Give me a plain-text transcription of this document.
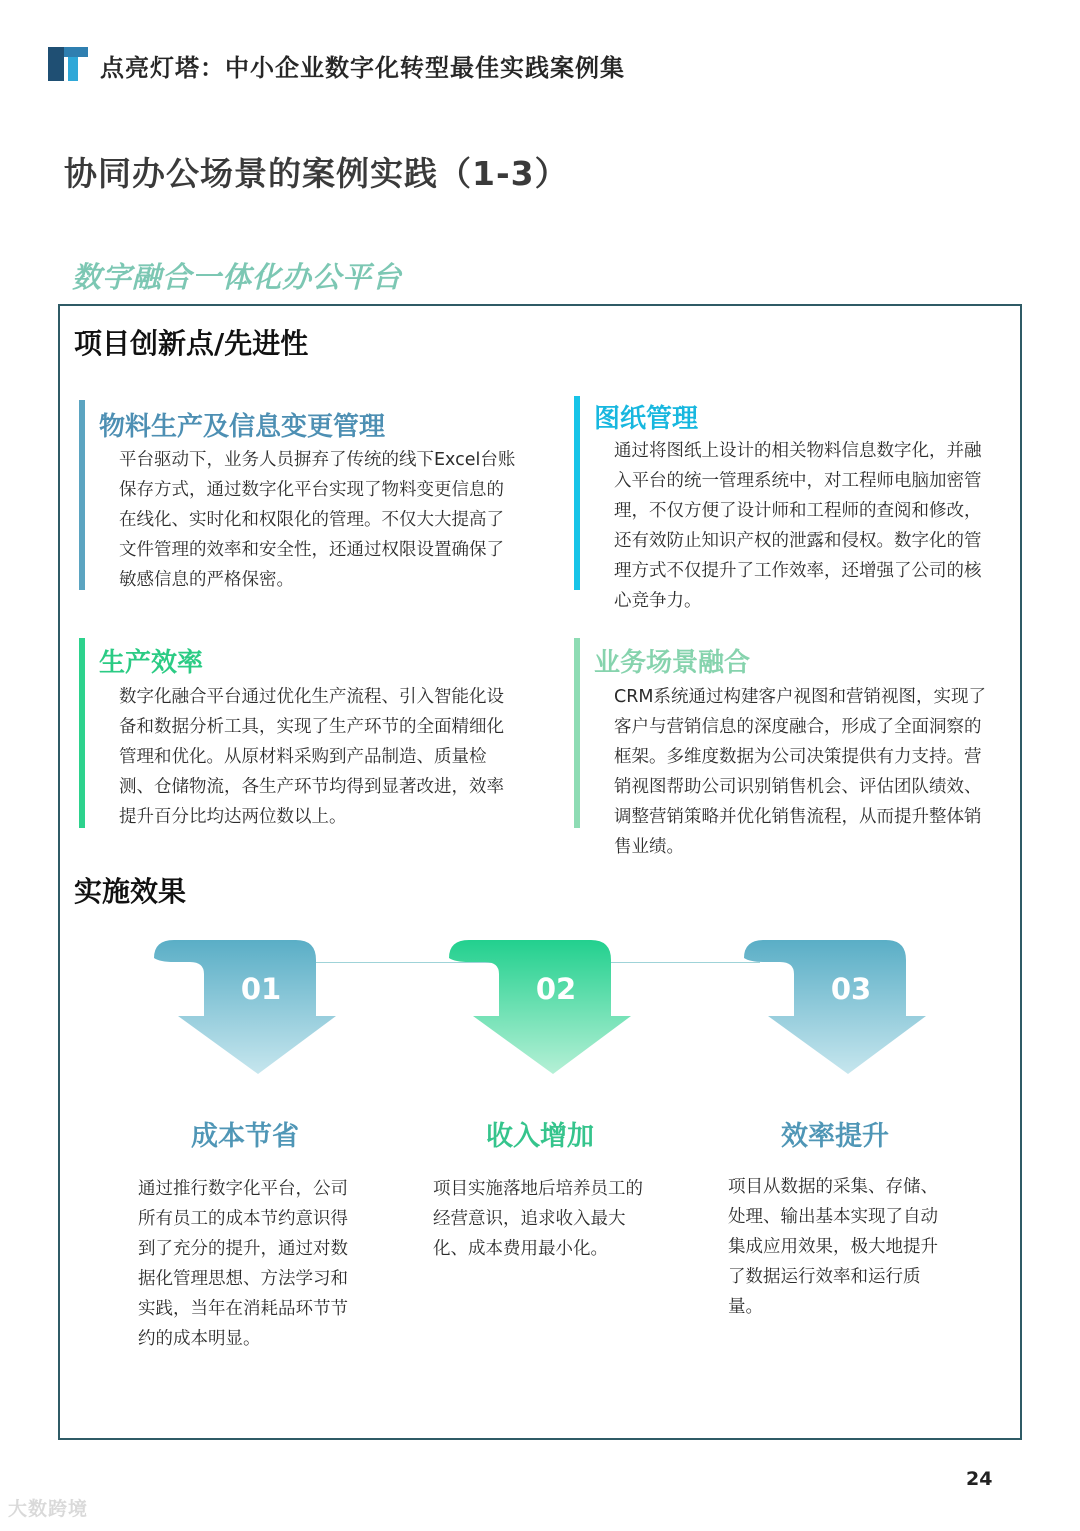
点亮灯塔：中小企业数字化转型最佳实践案例集
协同办公场景的案例实践（1-3）
数字融合一体化办公平台
项目创新点/先进性
物料生产及信息变更管理
平台驱动下，业务人员摒弃了传统的线下Excel台账保存方式，通过数字化平台实现了物料变更信息的在线化、实时化和权限化的管理。不仅大大提高了文件管理的效率和安全性，还通过权限设置确保了敏感信息的严格保密。
图纸管理
通过将图纸上设计的相关物料信息数字化，并融入平台的统一管理系统中，对工程师电脑加密管理，不仅方便了设计师和工程师的查阅和修改，还有效防止知识产权的泄露和侵权。数字化的管理方式不仅提升了工作效率，还增强了公司的核心竞争力。
生产效率
数字化融合平台通过优化生产流程、引入智能化设备和数据分析工具，实现了生产环节的全面精细化管理和优化。从原材料采购到产品制造、质量检测、仓储物流，各生产环节均得到显著改进，效率提升百分比均达两位数以上。
业务场景融合
CRM系统通过构建客户视图和营销视图，实现了客户与营销信息的深度融合，形成了全面洞察的框架。多维度数据为公司决策提供有力支持。营销视图帮助公司识别销售机会、评估团队绩效、调整营销策略并优化销售流程，从而提升整体销售业绩。
实施效果
01	02	03
成本节省	收入增加	效率提升
通过推行数字化平台，公司所有员工的成本节约意识得到了充分的提升，通过对数据化管理思想、方法学习和实践，当年在消耗品环节节约的成本明显。
项目实施落地后培养员工的经营意识，追求收入最大化、成本费用最小化。
项目从数据的采集、存储、处理、输出基本实现了自动集成应用效果，极大地提升了数据运行效率和运行质量。
24
大数跨境
